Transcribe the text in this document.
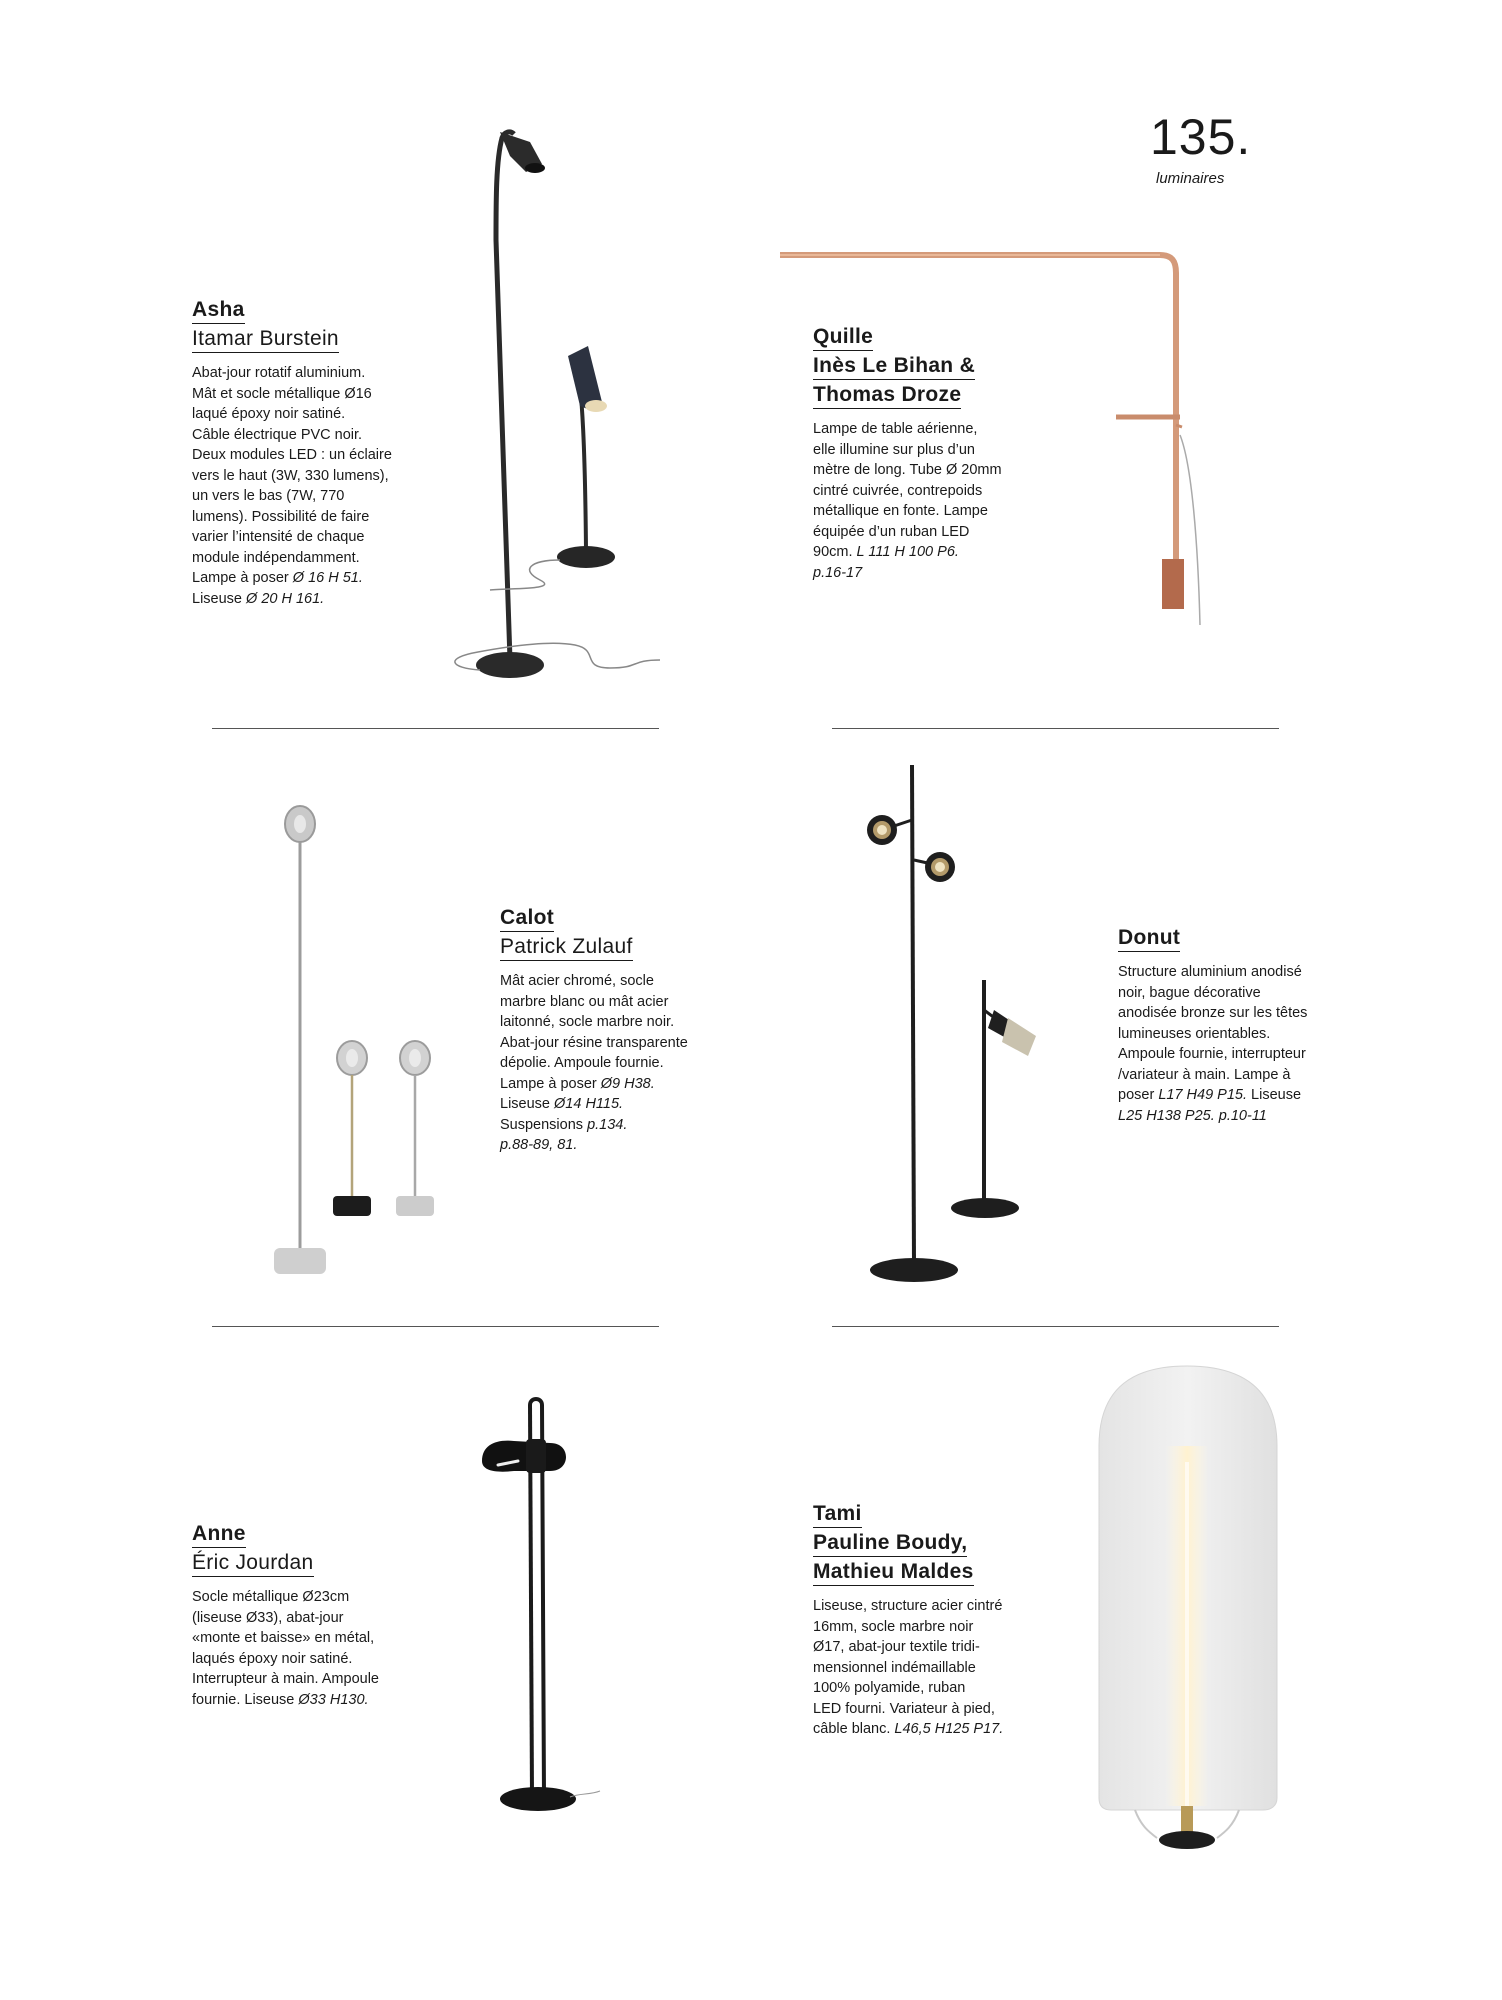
135.
luminaires
Asha
Itamar Burstein
Abat-jour rotatif aluminium.
Mât et socle métallique Ø16
laqué époxy noir satiné.
Câble électrique PVC noir.
Deux modules LED : un éclaire
vers le haut (3W, 330 lumens),
un vers le bas (7W, 770
lumens). Possibilité de faire
varier l’intensité de chaque
module indépendamment.
Lampe à poser Ø 16 H 51.
Liseuse Ø 20 H 161.
Quille
Inès Le Bihan &
Thomas Droze
Lampe de table aérienne,
elle illumine sur plus d’un
mètre de long. Tube Ø 20mm
cintré cuivrée, contrepoids
métallique en fonte. Lampe
équipée d’un ruban LED
90cm. L 111 H 100 P6.
p.16-17
Calot
Patrick Zulauf
Mât acier chromé, socle
marbre blanc ou mât acier
laitonné, socle marbre noir.
Abat-jour résine transparente
dépolie. Ampoule fournie.
Lampe à poser Ø9 H38.
Liseuse Ø14 H115.
Suspensions p.134.
p.88-89, 81.
Donut
Structure aluminium anodisé
noir, bague décorative
anodisée bronze sur les têtes
lumineuses orientables.
Ampoule fournie, interrupteur
/variateur à main. Lampe à
poser L17 H49 P15. Liseuse
L25 H138 P25. p.10-11
Anne
Éric Jourdan
Socle métallique Ø23cm
(liseuse Ø33), abat-jour
«monte et baisse» en métal,
laqués époxy noir satiné.
Interrupteur à main. Ampoule
fournie. Liseuse Ø33 H130.
Tami
Pauline Boudy,
Mathieu Maldes
Liseuse, structure acier cintré
16mm, socle marbre noir
Ø17, abat-jour textile tridi-
mensionnel indémaillable
100% polyamide, ruban
LED fourni. Variateur à pied,
câble blanc. L46,5 H125 P17.
